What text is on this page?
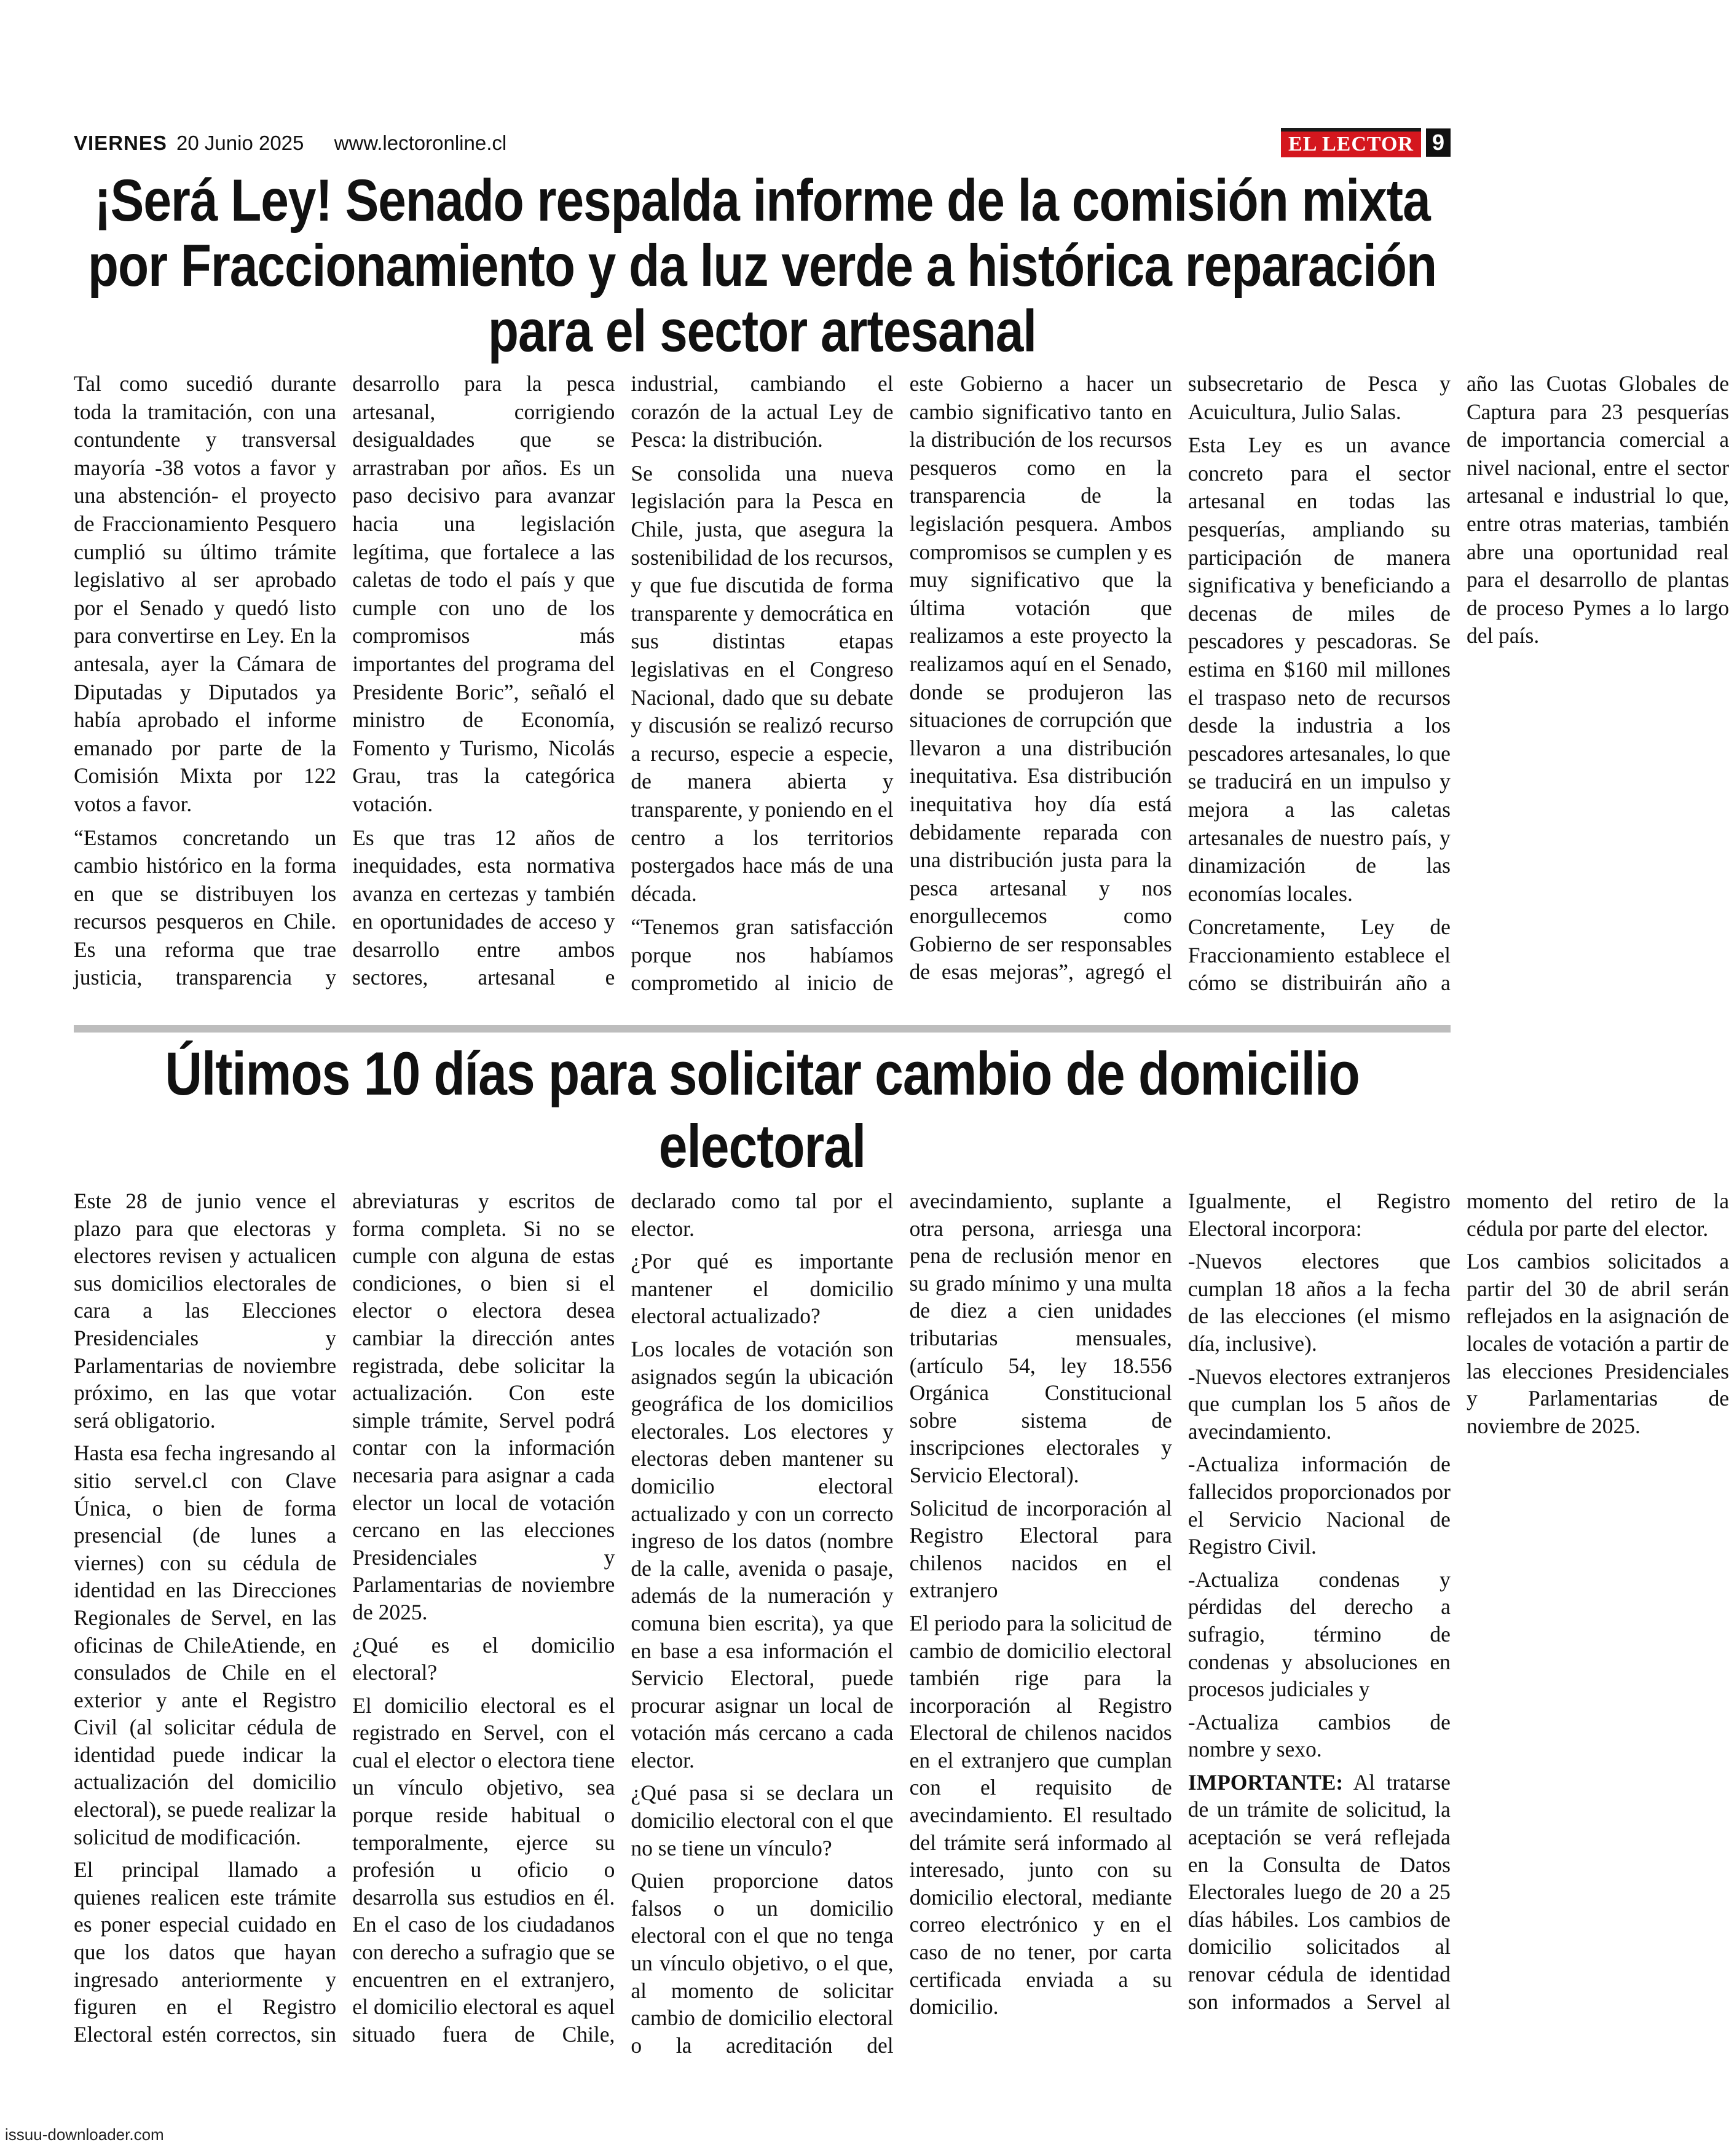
VIERNES 20 Junio 2025 www.lectoronline.cl	EL LECTOR 9
¡Será Ley! Senado respalda informe de la comisión mixta por Fraccionamiento y da luz verde a histórica reparación para el sector artesanal
Últimos 10 días para solicitar cambio de domicilio electoral
issuu-downloader.com

Tal como sucedió durante toda la tramitación, con una contundente y transversal mayoría -38 votos a favor y una abstención- el proyecto de Fraccionamiento Pesquero cumplió su último trámite legislativo al ser aprobado por el Senado y quedó listo para convertirse en Ley. En la antesala, ayer la Cámara de Diputadas y Diputados ya había aprobado el informe emanado por parte de la Comisión Mixta por 122 votos a favor.

“Estamos concretando un cambio histórico en la forma en que se distribuyen los recursos pesqueros en Chile. Es una reforma que trae justicia, transparencia y desarrollo para la pesca artesanal, corrigiendo desigualdades que se arrastraban por años. Es un paso decisivo para avanzar hacia una legislación legítima, que fortalece a las caletas de todo el país y que cumple con uno de los compromisos más importantes del programa del Presidente Boric”, señaló el ministro de Economía, Fomento y Turismo, Nicolás Grau, tras la categórica votación.

Es que tras 12 años de inequidades, esta normativa avanza en certezas y también en oportunidades de acceso y desarrollo entre ambos sectores, artesanal e industrial, cambiando el corazón de la actual Ley de Pesca: la distribución.

Se consolida una nueva legislación para la Pesca en Chile, justa, que asegura la sostenibilidad de los recursos, y que fue discutida de forma transparente y democrática en sus distintas etapas legislativas en el Congreso Nacional, dado que su debate y discusión se realizó recurso a recurso, especie a especie, de manera abierta y transparente, y poniendo en el centro a los territorios postergados hace más de una década.

“Tenemos gran satisfacción porque nos habíamos comprometido al inicio de este Gobierno a hacer un cambio significativo tanto en la distribución de los recursos pesqueros como en la transparencia de la legislación pesquera. Ambos compromisos se cumplen y es muy significativo que la última votación que realizamos a este proyecto la realizamos aquí en el Senado, donde se produjeron las situaciones de corrupción que llevaron a una distribución inequitativa. Esa distribución inequitativa hoy día está debidamente reparada con una distribución justa para la pesca artesanal y nos enorgullecemos como Gobierno de ser responsables de esas mejoras”, agregó el subsecretario de Pesca y Acuicultura, Julio Salas.

Esta Ley es un avance concreto para el sector artesanal en todas las pesquerías, ampliando su participación de manera significativa y beneficiando a decenas de miles de pescadores y pescadoras. Se estima en $160 mil millones el traspaso neto de recursos desde la industria a los pescadores artesanales, lo que se traducirá en un impulso y mejora a las caletas artesanales de nuestro país, y dinamización de las economías locales.

Concretamente, Ley de Fraccionamiento establece el cómo se distribuirán año a año las Cuotas Globales de Captura para 23 pesquerías de importancia comercial a nivel nacional, entre el sector artesanal e industrial lo que, entre otras materias, también abre una oportunidad real para el desarrollo de plantas de proceso Pymes a lo largo del país.

Este 28 de junio vence el plazo para que electoras y electores revisen y actualicen sus domicilios electorales de cara a las Elecciones Presidenciales y Parlamentarias de noviembre próximo, en las que votar será obligatorio.

Hasta esa fecha ingresando al sitio servel.cl con Clave Única, o bien de forma presencial (de lunes a viernes) con su cédula de identidad en las Direcciones Regionales de Servel, en las oficinas de ChileAtiende, en consulados de Chile en el exterior y ante el Registro Civil (al solicitar cédula de identidad puede indicar la actualización del domicilio electoral), se puede realizar la solicitud de modificación.

El principal llamado a quienes realicen este trámite es poner especial cuidado en que los datos que hayan ingresado anteriormente y figuren en el Registro Electoral estén correctos, sin abreviaturas y escritos de forma completa. Si no se cumple con alguna de estas condiciones, o bien si el elector o electora desea cambiar la dirección antes registrada, debe solicitar la actualización. Con este simple trámite, Servel podrá contar con la información necesaria para asignar a cada elector un local de votación cercano en las elecciones Presidenciales y Parlamentarias de noviembre de 2025.

¿Qué es el domicilio electoral?

El domicilio electoral es el registrado en Servel, con el cual el elector o electora tiene un vínculo objetivo, sea porque reside habitual o temporalmente, ejerce su profesión u oficio o desarrolla sus estudios en él. En el caso de los ciudadanos con derecho a sufragio que se encuentren en el extranjero, el domicilio electoral es aquel situado fuera de Chile, declarado como tal por el elector.

¿Por qué es importante mantener el domicilio electoral actualizado?

Los locales de votación son asignados según la ubicación geográfica de los domicilios electorales. Los electores y electoras deben mantener su domicilio electoral actualizado y con un correcto ingreso de los datos (nombre de la calle, avenida o pasaje, además de la numeración y comuna bien escrita), ya que en base a esa información el Servicio Electoral, puede procurar asignar un local de votación más cercano a cada elector.

¿Qué pasa si se declara un domicilio electoral con el que no se tiene un vínculo?

Quien proporcione datos falsos o un domicilio electoral con el que no tenga un vínculo objetivo, o el que, al momento de solicitar cambio de domicilio electoral o la acreditación del avecindamiento, suplante a otra persona, arriesga una pena de reclusión menor en su grado mínimo y una multa de diez a cien unidades tributarias mensuales, (artículo 54, ley 18.556 Orgánica Constitucional sobre sistema de inscripciones electorales y Servicio Electoral).

Solicitud de incorporación al Registro Electoral para chilenos nacidos en el extranjero

El periodo para la solicitud de cambio de domicilio electoral también rige para la incorporación al Registro Electoral de chilenos nacidos en el extranjero que cumplan con el requisito de avecindamiento. El resultado del trámite será informado al interesado, junto con su domicilio electoral, mediante correo electrónico y en el caso de no tener, por carta certificada enviada a su domicilio.

Igualmente, el Registro Electoral incorpora:

-Nuevos electores que cumplan 18 años a la fecha de las elecciones (el mismo día, inclusive).

-Nuevos electores extranjeros que cumplan los 5 años de avecindamiento.

-Actualiza información de fallecidos proporcionados por el Servicio Nacional de Registro Civil.

-Actualiza condenas y pérdidas del derecho a sufragio, término de condenas y absoluciones en procesos judiciales y

-Actualiza cambios de nombre y sexo.

IMPORTANTE: Al tratarse de un trámite de solicitud, la aceptación se verá reflejada en la Consulta de Datos Electorales luego de 20 a 25 días hábiles. Los cambios de domicilio solicitados al renovar cédula de identidad son informados a Servel al momento del retiro de la cédula por parte del elector.

Los cambios solicitados a partir del 30 de abril serán reflejados en la asignación de locales de votación a partir de las elecciones Presidenciales y Parlamentarias de noviembre de 2025.
